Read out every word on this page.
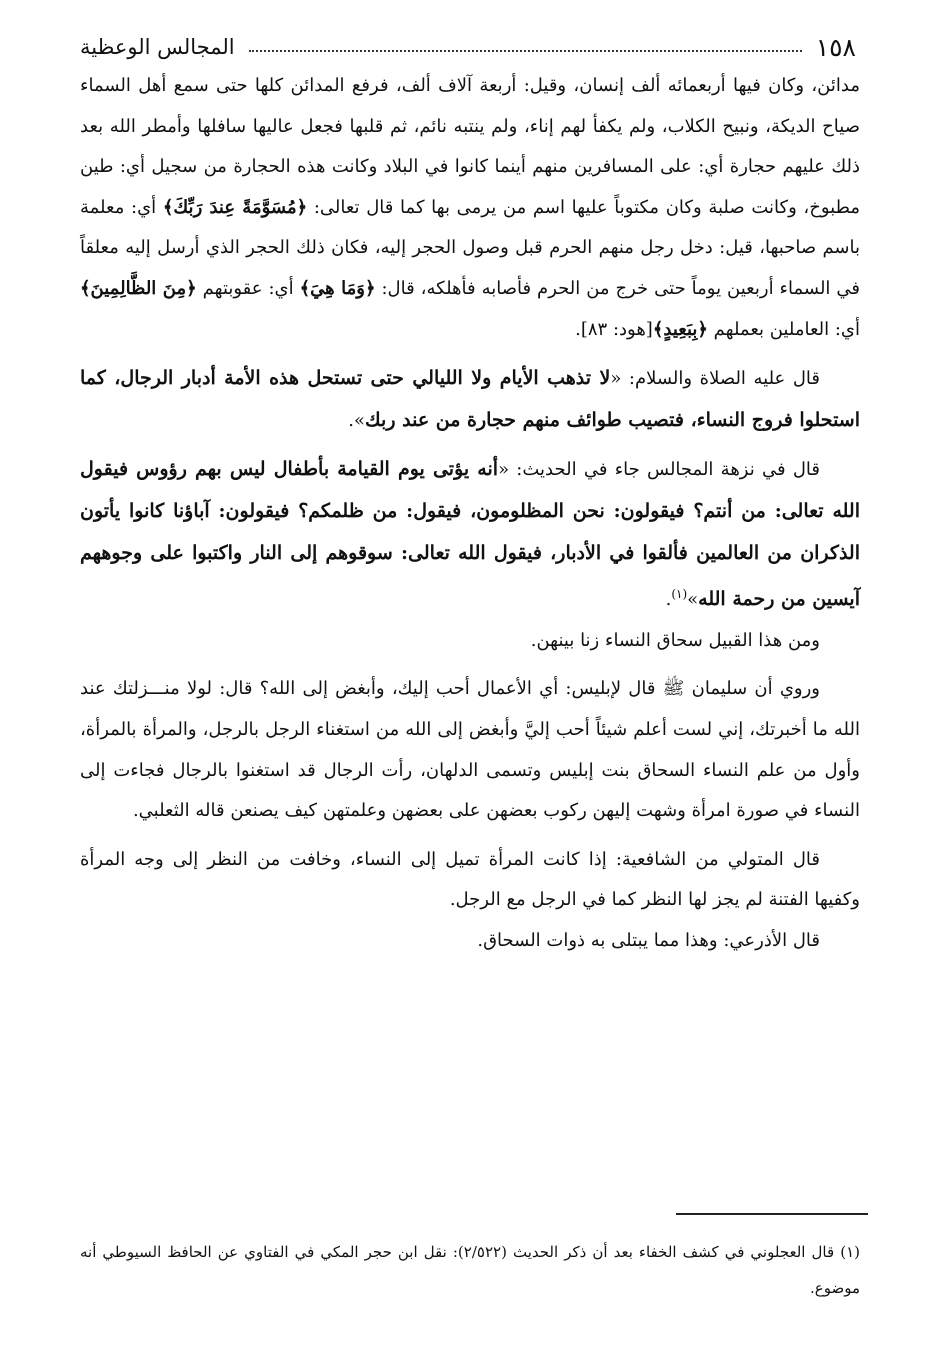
١٥٨
المجالس الوعظية

مدائن، وكان فيها أربعمائه ألف إنسان، وقيل: أربعة آلاف ألف، فرفع المدائن كلها حتى سمع أهل السماء صياح الديكة، ونبيح الكلاب، ولم يكفأ لهم إناء، ولم ينتبه نائم، ثم قلبها فجعل عاليها سافلها وأمطر الله بعد ذلك عليهم حجارة أي: على المسافرين منهم أينما كانوا في البلاد وكانت هذه الحجارة من سجيل أي: طين مطبوخ، وكانت صلبة وكان مكتوباً عليها اسم من يرمى بها كما قال تعالى: ﴿مُسَوَّمَةً عِندَ رَبِّكَ﴾ أي: معلمة باسم صاحبها، قيل: دخل رجل منهم الحرم قبل وصول الحجر إليه، فكان ذلك الحجر الذي أرسل إليه معلقاً في السماء أربعين يوماً حتى خرج من الحرم فأصابه فأهلكه، قال: ﴿وَمَا هِيَ﴾ أي: عقوبتهم ﴿مِنَ الظَّالِمِينَ﴾ أي: العاملين بعملهم ﴿بِبَعِيدٍ﴾[هود: ٨٣].

قال عليه الصلاة والسلام: «لا تذهب الأيام ولا الليالي حتى تستحل هذه الأمة أدبار الرجال، كما استحلوا فروج النساء، فتصيب طوائف منهم حجارة من عند ربك».

قال في نزهة المجالس جاء في الحديث: «أنه يؤتى يوم القيامة بأطفال ليس بهم رؤوس فيقول الله تعالى: من أنتم؟ فيقولون: نحن المظلومون، فيقول: من ظلمكم؟ فيقولون: آباؤنا كانوا يأتون الذكران من العالمين فألقوا في الأدبار، فيقول الله تعالى: سوقوهم إلى النار واكتبوا على وجوههم آيسين من رحمة الله»$^{(١)}$.

ومن هذا القبيل سحاق النساء زنا بينهن.

وروي أن سليمان ﷺ قال لإبليس: أي الأعمال أحب إليك، وأبغض إلى الله؟ قال: لولا منـــزلتك عند الله ما أخبرتك، إني لست أعلم شيئاً أحب إليَّ وأبغض إلى الله من استغناء الرجل بالرجل، والمرأة بالمرأة، وأول من علم النساء السحاق بنت إبليس وتسمى الدلهان، رأت الرجال قد استغنوا بالرجال فجاءت إلى النساء في صورة امرأة وشهت إليهن ركوب بعضهن على بعضهن وعلمتهن كيف يصنعن قاله الثعلبي.

قال المتولي من الشافعية: إذا كانت المرأة تميل إلى النساء، وخافت من النظر إلى وجه المرأة وكفيها الفتنة لم يجز لها النظر كما في الرجل مع الرجل.

قال الأذرعي: وهذا مما يبتلى به ذوات السحاق.

(١) قال العجلوني في كشف الخفاء بعد أن ذكر الحديث (٢/٥٢٢): نقل ابن حجر المكي في الفتاوي عن الحافظ السيوطي أنه موضوع.
